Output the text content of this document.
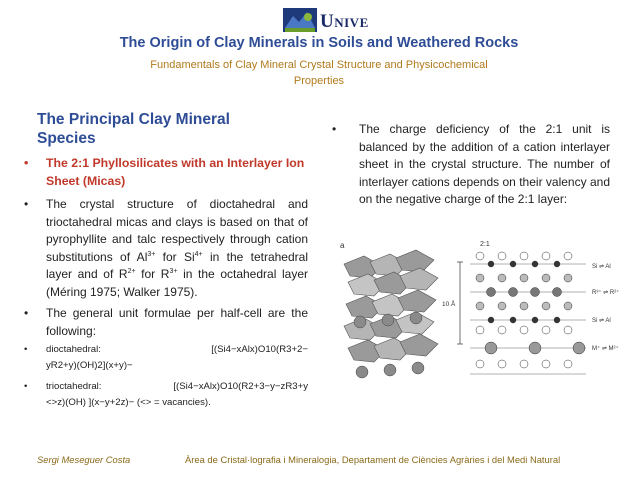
UNIVE
The Origin of Clay Minerals in Soils and Weathered Rocks
Fundamentals of Clay Mineral Crystal Structure and Physicochemical Properties
The Principal Clay Mineral Species
• The 2:1 Phyllosilicates with an Interlayer Ion Sheet (Micas)
• The crystal structure of dioctahedral and trioctahedral micas and clays is based on that of pyrophyllite and talc respectively through cation substitutions of $Al^{3+}$ for $Si^{4+}$ in the tetrahedral layer and of $R^{2+}$ for $R^{3+}$ in the octahedral layer (Méring 1975; Walker 1975).
• The general unit formulae per half-cell are the following:
• dioctahedral:	[(Si4−xAlx)O10(R3+2−
yR2+y)(OH)2](x+y)−
• trioctahedral:	[(Si4−xAlx)O10(R2+3−y−zR3+y
<>z)(OH) ](x−y+2z)− (<> = vacancies).
• The charge deficiency of the 2:1 unit is balanced by the addition of a cation interlayer sheet in the crystal structure. The number of interlayer cations depends on their valency and on the negative charge of the 2:1 layer:
a	2:1
10 Å
Si ⇌ Al
R³⁺ ⇌ R²⁺
Si ⇌ Al
M⁺ ⇌ M²⁺
Sergi Meseguer Costa	Àrea de Cristal·lografia i Mineralogia, Departament de Ciències Agràries i del Medi Natural
